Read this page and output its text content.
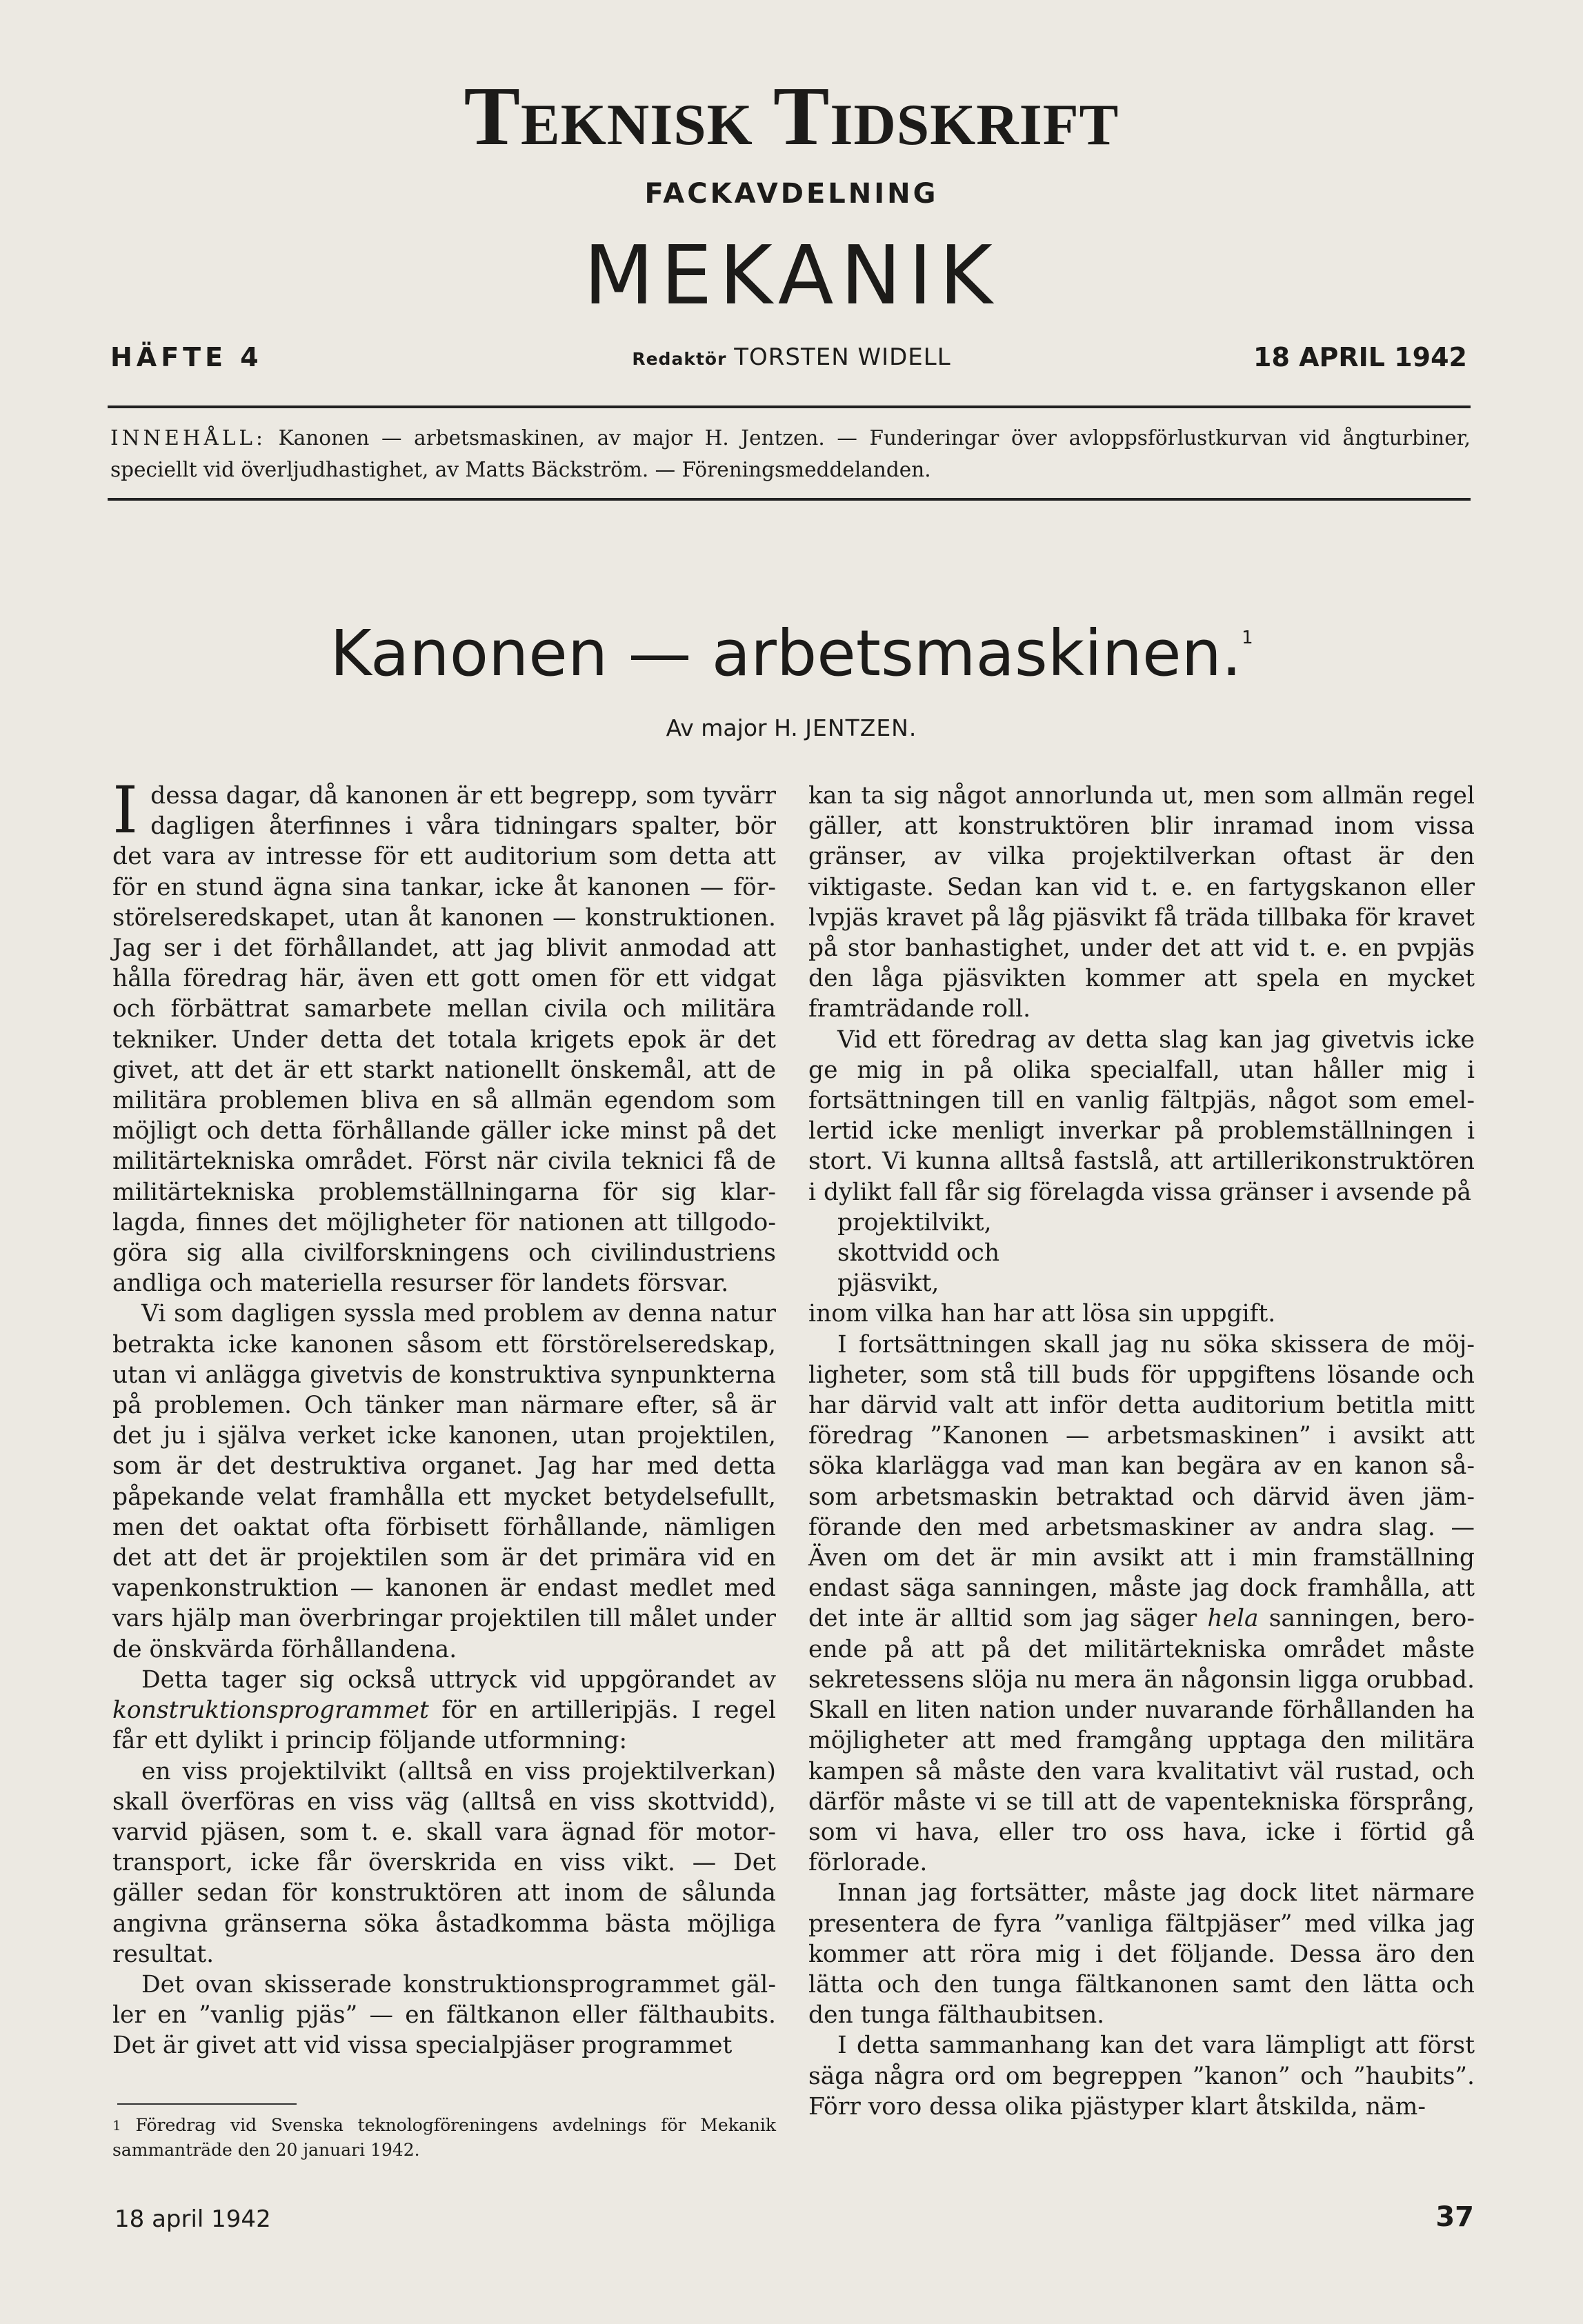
Teknisk Tidskrift
FACKAVDELNING
MEKANIK
HÄFTE 4	Redaktör TORSTEN WIDELL	18 APRIL 1942
INNEHÅLL: Kanonen — arbetsmaskinen, av major H. Jentzen. — Funderingar över avloppsförlustkurvan vid ångturbiner, speciellt vid överljudhastighet, av Matts Bäckström. — Föreningsmeddelanden.
Kanonen — arbetsmaskinen.$^1$
Av major H. JENTZEN.

Idessa dagar, då kanonen är ett begrepp, som tyvärr dagligen återfinnes i våra tidningars spalter, bör det vara av intresse för ett auditorium som detta att för en stund ägna sina tankar, icke åt kanonen — förstörelseredskapet, utan åt kanonen — konstruktionen. Jag ser i det förhållandet, att jag blivit anmodad att hålla föredrag här, även ett gott omen för ett vidgat och förbättrat samarbete mellan civila och militära tekniker. Under detta det totala krigets epok är det givet, att det är ett starkt nationellt önskemål, att de militära problemen bliva en så allmän egendom som möjligt och detta förhållande gäller icke minst på det militärtekniska området. Först när civila teknici få de militärtekniska problemställningarna för sig klarlagda, finnes det möjligheter för nationen att tillgodogöra sig alla civilforskningens och civilindustriens andliga och materiella resurser för landets försvar.

Vi som dagligen syssla med problem av denna natur betrakta icke kanonen såsom ett förstörelseredskap, utan vi anlägga givetvis de konstruktiva synpunkterna på problemen. Och tänker man närmare efter, så är det ju i själva verket icke kanonen, utan projektilen, som är det destruktiva organet. Jag har med detta påpekande velat framhålla ett mycket betydelsefullt, men det oaktat ofta förbisett förhållande, nämligen det att det är projektilen som är det primära vid en vapenkonstruktion — kanonen är endast medlet med vars hjälp man överbringar projektilen till målet under de önskvärda förhållandena.

Detta tager sig också uttryck vid uppgörandet av konstruktionsprogrammet för en artilleripjäs. I regel får ett dylikt i princip följande utformning:

en viss projektilvikt (alltså en viss projektilverkan) skall överföras en viss väg (alltså en viss skottvidd), varvid pjäsen, som t. e. skall vara ägnad för motortransport, icke får överskrida en viss vikt. — Det gäller sedan för konstruktören att inom de sålunda angivna gränserna söka åstadkomma bästa möjliga resultat.

Det ovan skisserade konstruktionsprogrammet gäller en ”vanlig pjäs” — en fältkanon eller fälthaubits. Det är givet att vid vissa specialpjäser programmet

kan ta sig något annorlunda ut, men som allmän regel gäller, att konstruktören blir inramad inom vissa gränser, av vilka projektilverkan oftast är den viktigaste. Sedan kan vid t. e. en fartygskanon eller lvpjäs kravet på låg pjäsvikt få träda tillbaka för kravet på stor banhastighet, under det att vid t. e. en pvpjäs den låga pjäsvikten kommer att spela en mycket framträdande roll.

Vid ett föredrag av detta slag kan jag givetvis icke ge mig in på olika specialfall, utan håller mig i fortsättningen till en vanlig fältpjäs, något som emellertid icke menligt inverkar på problemställningen i stort. Vi kunna alltså fastslå, att artillerikonstruktören i dylikt fall får sig förelagda vissa gränser i avsende på

projektilvikt,

skottvidd och

pjäsvikt,

inom vilka han har att lösa sin uppgift.

I fortsättningen skall jag nu söka skissera de möjligheter, som stå till buds för uppgiftens lösande och har därvid valt att inför detta auditorium betitla mitt föredrag ”Kanonen — arbetsmaskinen” i avsikt att söka klarlägga vad man kan begära av en kanon såsom arbetsmaskin betraktad och därvid även jämförande den med arbetsmaskiner av andra slag. — Även om det är min avsikt att i min framställning endast säga sanningen, måste jag dock framhålla, att det inte är alltid som jag säger hela sanningen, beroende på att på det militärtekniska området måste sekretessens slöja nu mera än någonsin ligga orubbad. Skall en liten nation under nuvarande förhållanden ha möjligheter att med framgång upptaga den militära kampen så måste den vara kvalitativt väl rustad, och därför måste vi se till att de vapentekniska försprång, som vi hava, eller tro oss hava, icke i förtid gå förlorade.

Innan jag fortsätter, måste jag dock litet närmare presentera de fyra ”vanliga fältpjäser” med vilka jag kommer att röra mig i det följande. Dessa äro den lätta och den tunga fältkanonen samt den lätta och den tunga fälthaubitsen.

I detta sammanhang kan det vara lämpligt att först säga några ord om begreppen ”kanon” och ”haubits”. Förr voro dessa olika pjästyper klart åtskilda, näm-

$^1$ Föredrag vid Svenska teknologföreningens avdelnings för Mekanik sammanträde den 20 januari 1942.
18 april 1942	37
